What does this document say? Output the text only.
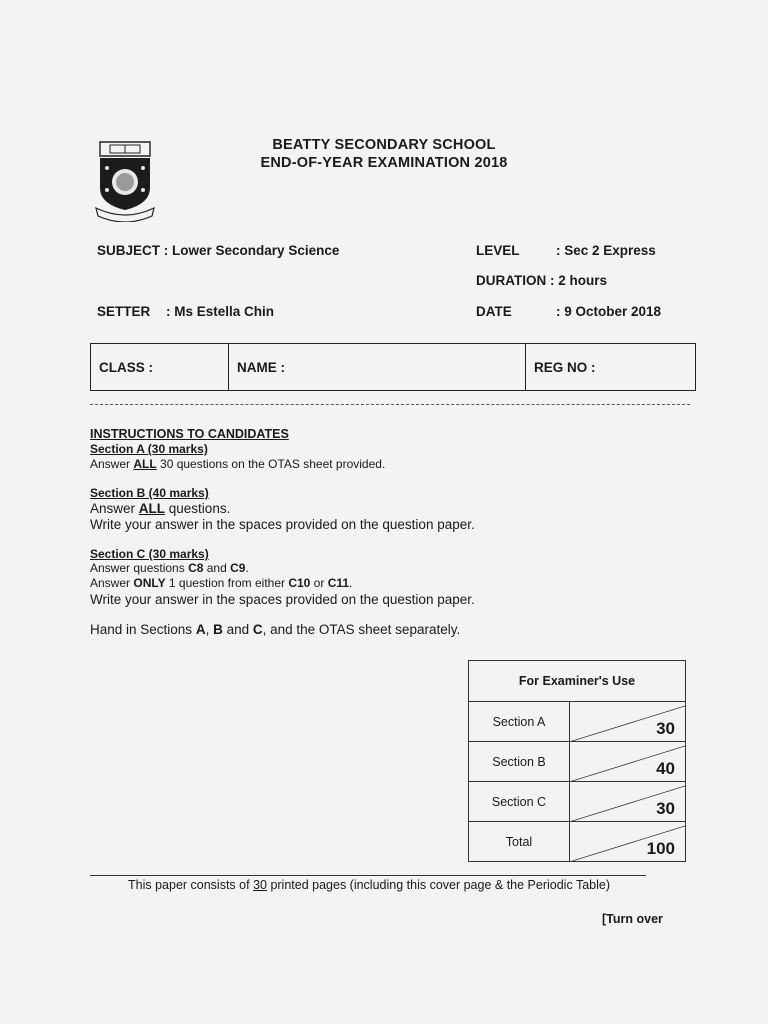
BEATTY SECONDARY SCHOOL
END-OF-YEAR EXAMINATION 2018
SUBJECT : Lower Secondary Science	LEVEL	: Sec 2 Express
DURATION : 2 hours
SETTER : Ms Estella Chin	DATE	: 9 October 2018
CLASS :	NAME :	REG NO :
INSTRUCTIONS TO CANDIDATES
Section A (30 marks)
Answer ALL 30 questions on the OTAS sheet provided.
Section B (40 marks)
Answer ALL questions.
Write your answer in the spaces provided on the question paper.
Section C (30 marks)
Answer questions C8 and C9.
Answer ONLY 1 question from either C10 or C11.
Write your answer in the spaces provided on the question paper.
Hand in Sections A, B and C, and the OTAS sheet separately.
For Examiner's Use
Section A	30
Section B	40
Section C	30
Total	100
This paper consists of 30 printed pages (including this cover page & the Periodic Table)
[Turn over
